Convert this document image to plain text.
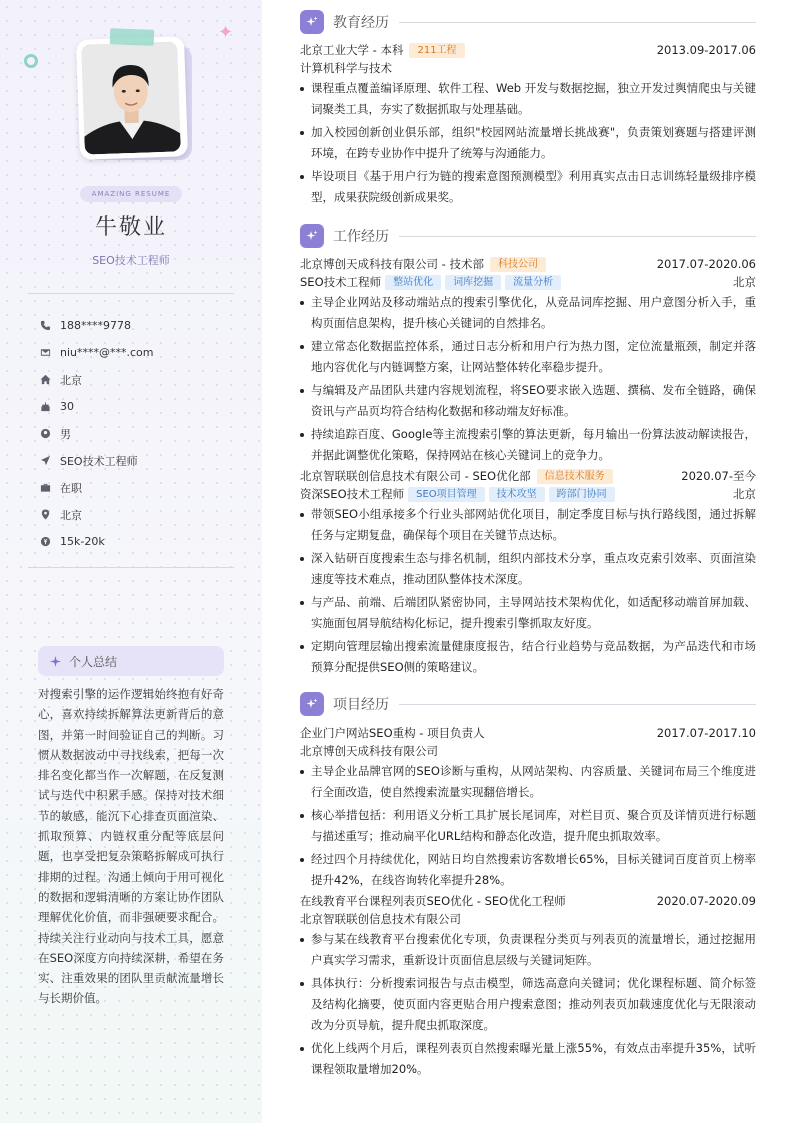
✦
AMAZING RESUME
牛敬业
SEO技术工程师
188****9778
niu****@***.com
北京
30
男
SEO技术工程师
在职
北京
15k-20k
个人总结
对搜索引擎的运作逻辑始终抱有好奇心，喜欢持续拆解算法更新背后的意图，并第一时间验证自己的判断。习惯从数据波动中寻找线索，把每一次排名变化都当作一次解题，在反复测试与迭代中积累手感。保持对技术细节的敏感，能沉下心排查页面渲染、抓取预算、内链权重分配等底层问题，也享受把复杂策略拆解成可执行排期的过程。沟通上倾向于用可视化的数据和逻辑清晰的方案让协作团队理解优化价值，而非强硬要求配合。持续关注行业动向与技术工具，愿意在SEO深度方向持续深耕，希望在务实、注重效果的团队里贡献流量增长与长期价值。
教育经历
北京工业大学 - 本科	211工程	2013.09-2017.06
计算机科学与技术
课程重点覆盖编译原理、软件工程、Web 开发与数据挖掘，独立开发过舆情爬虫与关键词聚类工具，夯实了数据抓取与处理基础。
加入校园创新创业俱乐部，组织"校园网站流量增长挑战赛"，负责策划赛题与搭建评测环境，在跨专业协作中提升了统筹与沟通能力。
毕设项目《基于用户行为链的搜索意图预测模型》利用真实点击日志训练轻量级排序模型，成果获院级创新成果奖。
工作经历
北京博创天成科技有限公司 - 技术部	科技公司	2017.07-2020.06
SEO技术工程师	整站优化	词库挖掘	流量分析	北京
主导企业网站及移动端站点的搜索引擎优化，从竞品词库挖掘、用户意图分析入手，重构页面信息架构，提升核心关键词的自然排名。
建立常态化数据监控体系，通过日志分析和用户行为热力图，定位流量瓶颈，制定并落地内容优化与内链调整方案，让网站整体转化率稳步提升。
与编辑及产品团队共建内容规划流程，将SEO要求嵌入选题、撰稿、发布全链路，确保资讯与产品页均符合结构化数据和移动端友好标准。
持续追踪百度、Google等主流搜索引擎的算法更新，每月输出一份算法波动解读报告，并据此调整优化策略，保持网站在核心关键词上的竞争力。
北京智联联创信息技术有限公司 - SEO优化部	信息技术服务	2020.07-至今
资深SEO技术工程师	SEO项目管理	技术攻坚	跨部门协同	北京
带领SEO小组承接多个行业头部网站优化项目，制定季度目标与执行路线图，通过拆解任务与定期复盘，确保每个项目在关键节点达标。
深入钻研百度搜索生态与排名机制，组织内部技术分享，重点攻克索引效率、页面渲染速度等技术难点，推动团队整体技术深度。
与产品、前端、后端团队紧密协同，主导网站技术架构优化，如适配移动端首屏加载、实施面包屑导航结构化标记，提升搜索引擎抓取友好度。
定期向管理层输出搜索流量健康度报告，结合行业趋势与竞品数据，为产品迭代和市场预算分配提供SEO侧的策略建议。
项目经历
企业门户网站SEO重构 - 项目负责人	2017.07-2017.10
北京博创天成科技有限公司
主导企业品牌官网的SEO诊断与重构，从网站架构、内容质量、关键词布局三个维度进行全面改造，使自然搜索流量实现翻倍增长。
核心举措包括：利用语义分析工具扩展长尾词库，对栏目页、聚合页及详情页进行标题与描述重写；推动扁平化URL结构和静态化改造，提升爬虫抓取效率。
经过四个月持续优化，网站日均自然搜索访客数增长65%，目标关键词百度首页上榜率提升42%，在线咨询转化率提升28%。
在线教育平台课程列表页SEO优化 - SEO优化工程师	2020.07-2020.09
北京智联联创信息技术有限公司
参与某在线教育平台搜索优化专项，负责课程分类页与列表页的流量增长，通过挖掘用户真实学习需求，重新设计页面信息层级与关键词矩阵。
具体执行：分析搜索词报告与点击模型，筛选高意向关键词；优化课程标题、简介标签及结构化摘要，使页面内容更贴合用户搜索意图；推动列表页加载速度优化与无限滚动改为分页导航，提升爬虫抓取深度。
优化上线两个月后，课程列表页自然搜索曝光量上涨55%，有效点击率提升35%，试听课程领取量增加20%。
